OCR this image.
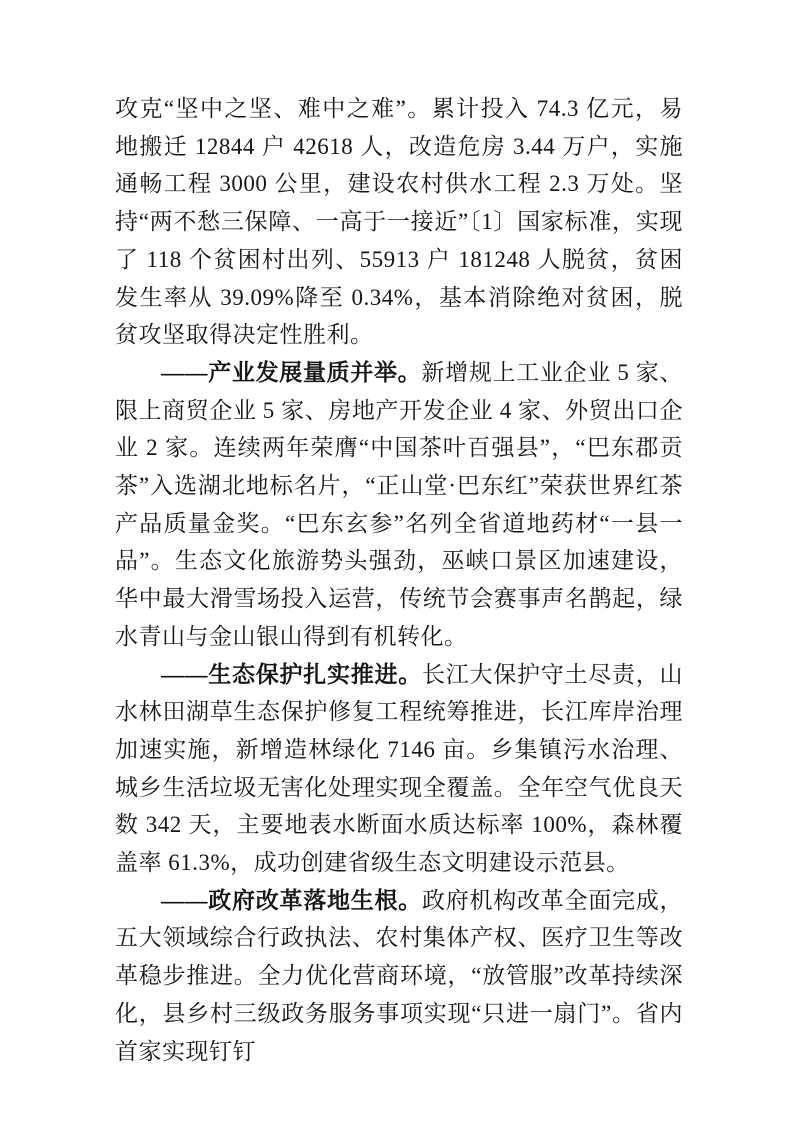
攻克“坚中之坚、难中之难”。累计投入 74.3 亿元，易地搬迁 12844 户 42618 人，改造危房 3.44 万户，实施通畅工程 3000 公里，建设农村供水工程 2.3 万处。坚持“两不愁三保障、一高于一接近”〔1〕国家标准，实现了 118 个贫困村出列、55913 户 181248 人脱贫，贫困发生率从 39.09%降至 0.34%，基本消除绝对贫困，脱贫攻坚取得决定性胜利。

——产业发展量质并举。新增规上工业企业 5 家、限上商贸企业 5 家、房地产开发企业 4 家、外贸出口企业 2 家。连续两年荣膺“中国茶叶百强县”，“巴东郡贡茶”入选湖北地标名片，“正山堂·巴东红”荣获世界红茶产品质量金奖。“巴东玄参”名列全省道地药材“一县一品”。生态文化旅游势头强劲，巫峡口景区加速建设，华中最大滑雪场投入运营，传统节会赛事声名鹊起，绿水青山与金山银山得到有机转化。

——生态保护扎实推进。长江大保护守土尽责，山水林田湖草生态保护修复工程统筹推进，长江库岸治理加速实施，新增造林绿化 7146 亩。乡集镇污水治理、城乡生活垃圾无害化处理实现全覆盖。全年空气优良天数 342 天，主要地表水断面水质达标率 100%，森林覆盖率 61.3%，成功创建省级生态文明建设示范县。

——政府改革落地生根。政府机构改革全面完成，五大领域综合行政执法、农村集体产权、医疗卫生等改革稳步推进。全力优化营商环境，“放管服”改革持续深化，县乡村三级政务服务事项实现“只进一扇门”。省内首家实现钉钉
